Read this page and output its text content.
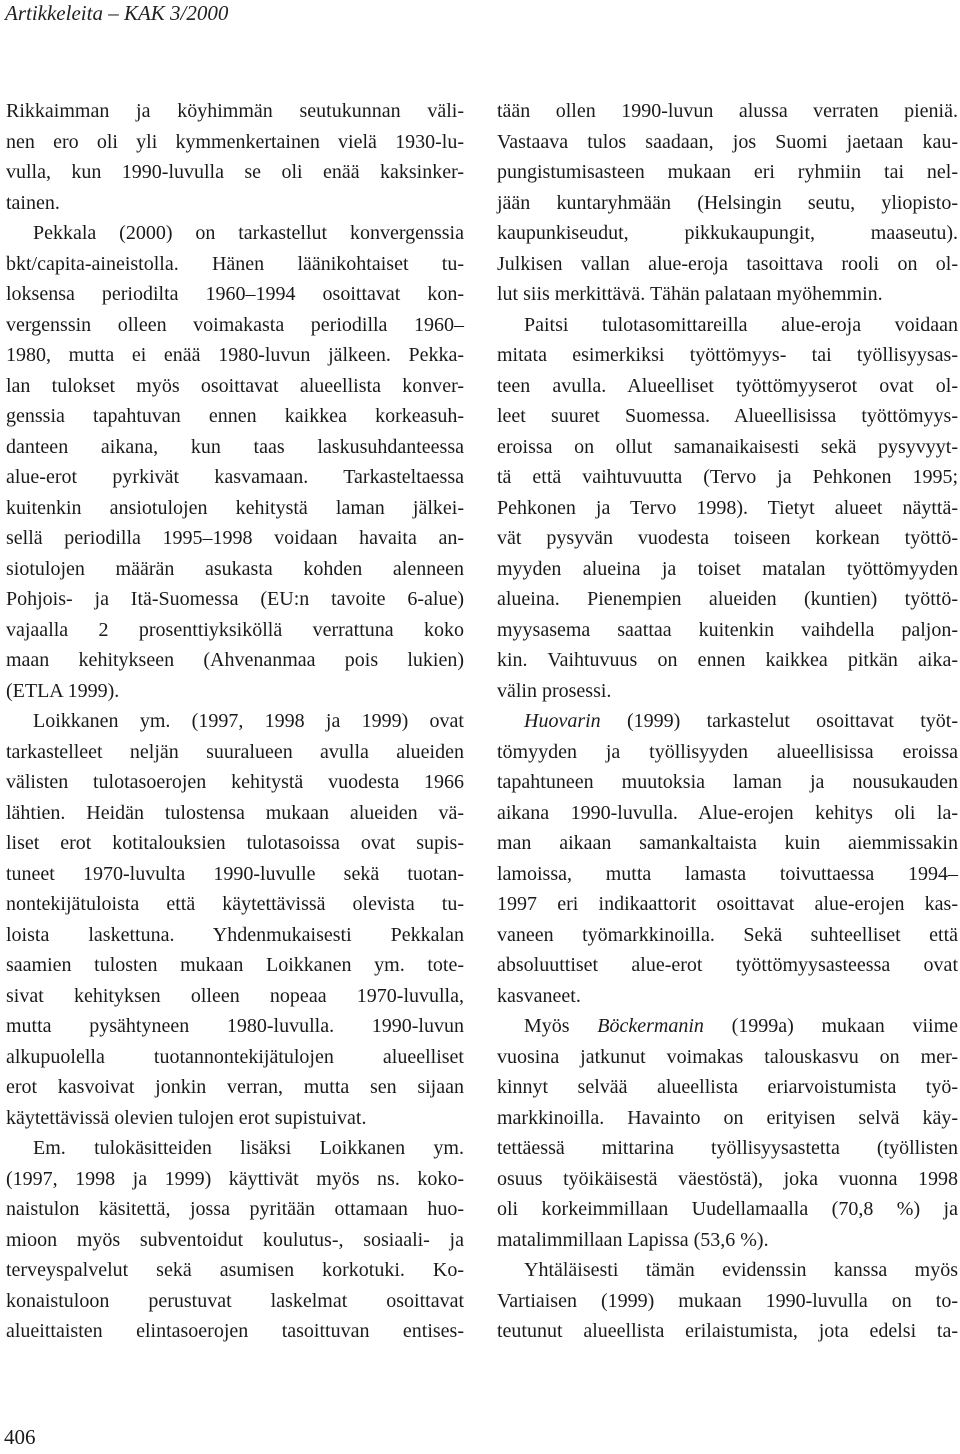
Artikkeleita – KAK 3/2000
Rikkaimman ja köyhimmän seutukunnan väli-
nen ero oli yli kymmenkertainen vielä 1930-lu-
vulla, kun 1990-luvulla se oli enää kaksinker-
tainen.
Pekkala (2000) on tarkastellut konvergenssia
bkt/capita-aineistolla. Hänen läänikohtaiset tu-
loksensa periodilta 1960–1994 osoittavat kon-
vergenssin olleen voimakasta periodilla 1960–
1980, mutta ei enää 1980-luvun jälkeen. Pekka-
lan tulokset myös osoittavat alueellista konver-
genssia tapahtuvan ennen kaikkea korkeasuh-
danteen aikana, kun taas laskusuhdanteessa
alue-erot pyrkivät kasvamaan. Tarkasteltaessa
kuitenkin ansiotulojen kehitystä laman jälkei-
sellä periodilla 1995–1998 voidaan havaita an-
siotulojen määrän asukasta kohden alenneen
Pohjois- ja Itä-Suomessa (EU:n tavoite 6-alue)
vajaalla 2 prosenttiyksiköllä verrattuna koko
maan kehitykseen (Ahvenanmaa pois lukien)
(ETLA 1999).
Loikkanen ym. (1997, 1998 ja 1999) ovat
tarkastelleet neljän suuralueen avulla alueiden
välisten tulotasoerojen kehitystä vuodesta 1966
lähtien. Heidän tulostensa mukaan alueiden vä-
liset erot kotitalouksien tulotasoissa ovat supis-
tuneet 1970-luvulta 1990-luvulle sekä tuotan-
nontekijätuloista että käytettävissä olevista tu-
loista laskettuna. Yhdenmukaisesti Pekkalan
saamien tulosten mukaan Loikkanen ym. tote-
sivat kehityksen olleen nopeaa 1970-luvulla,
mutta pysähtyneen 1980-luvulla. 1990-luvun
alkupuolella tuotannontekijätulojen alueelliset
erot kasvoivat jonkin verran, mutta sen sijaan
käytettävissä olevien tulojen erot supistuivat.
Em. tulokäsitteiden lisäksi Loikkanen ym.
(1997, 1998 ja 1999) käyttivät myös ns. koko-
naistulon käsitettä, jossa pyritään ottamaan huo-
mioon myös subventoidut koulutus-, sosiaali- ja
terveyspalvelut sekä asumisen korkotuki. Ko-
konaistuloon perustuvat laskelmat osoittavat
alueittaisten elintasoerojen tasoittuvan entises-
tään ollen 1990-luvun alussa verraten pieniä.
Vastaava tulos saadaan, jos Suomi jaetaan kau-
pungistumisasteen mukaan eri ryhmiin tai nel-
jään kuntaryhmään (Helsingin seutu, yliopisto-
kaupunkiseudut, pikkukaupungit, maaseutu).
Julkisen vallan alue-eroja tasoittava rooli on ol-
lut siis merkittävä. Tähän palataan myöhemmin.
Paitsi tulotasomittareilla alue-eroja voidaan
mitata esimerkiksi työttömyys- tai työllisyysas-
teen avulla. Alueelliset työttömyyserot ovat ol-
leet suuret Suomessa. Alueellisissa työttömyys-
eroissa on ollut samanaikaisesti sekä pysyvyyt-
tä että vaihtuvuutta (Tervo ja Pehkonen 1995;
Pehkonen ja Tervo 1998). Tietyt alueet näyttä-
vät pysyvän vuodesta toiseen korkean työttö-
myyden alueina ja toiset matalan työttömyyden
alueina. Pienempien alueiden (kuntien) työttö-
myysasema saattaa kuitenkin vaihdella paljon-
kin. Vaihtuvuus on ennen kaikkea pitkän aika-
välin prosessi.
Huovarin (1999) tarkastelut osoittavat työt-
tömyyden ja työllisyyden alueellisissa eroissa
tapahtuneen muutoksia laman ja nousukauden
aikana 1990-luvulla. Alue-erojen kehitys oli la-
man aikaan samankaltaista kuin aiemmissakin
lamoissa, mutta lamasta toivuttaessa 1994–
1997 eri indikaattorit osoittavat alue-erojen kas-
vaneen työmarkkinoilla. Sekä suhteelliset että
absoluuttiset alue-erot työttömyysasteessa ovat
kasvaneet.
Myös Böckermanin (1999a) mukaan viime
vuosina jatkunut voimakas talouskasvu on mer-
kinnyt selvää alueellista eriarvoistumista työ-
markkinoilla. Havainto on erityisen selvä käy-
tettäessä mittarina työllisyysastetta (työllisten
osuus työikäisestä väestöstä), joka vuonna 1998
oli korkeimmillaan Uudellamaalla (70,8 %) ja
matalimmillaan Lapissa (53,6 %).
Yhtäläisesti tämän evidenssin kanssa myös
Vartiaisen (1999) mukaan 1990-luvulla on to-
teutunut alueellista erilaistumista, jota edelsi ta-
406
